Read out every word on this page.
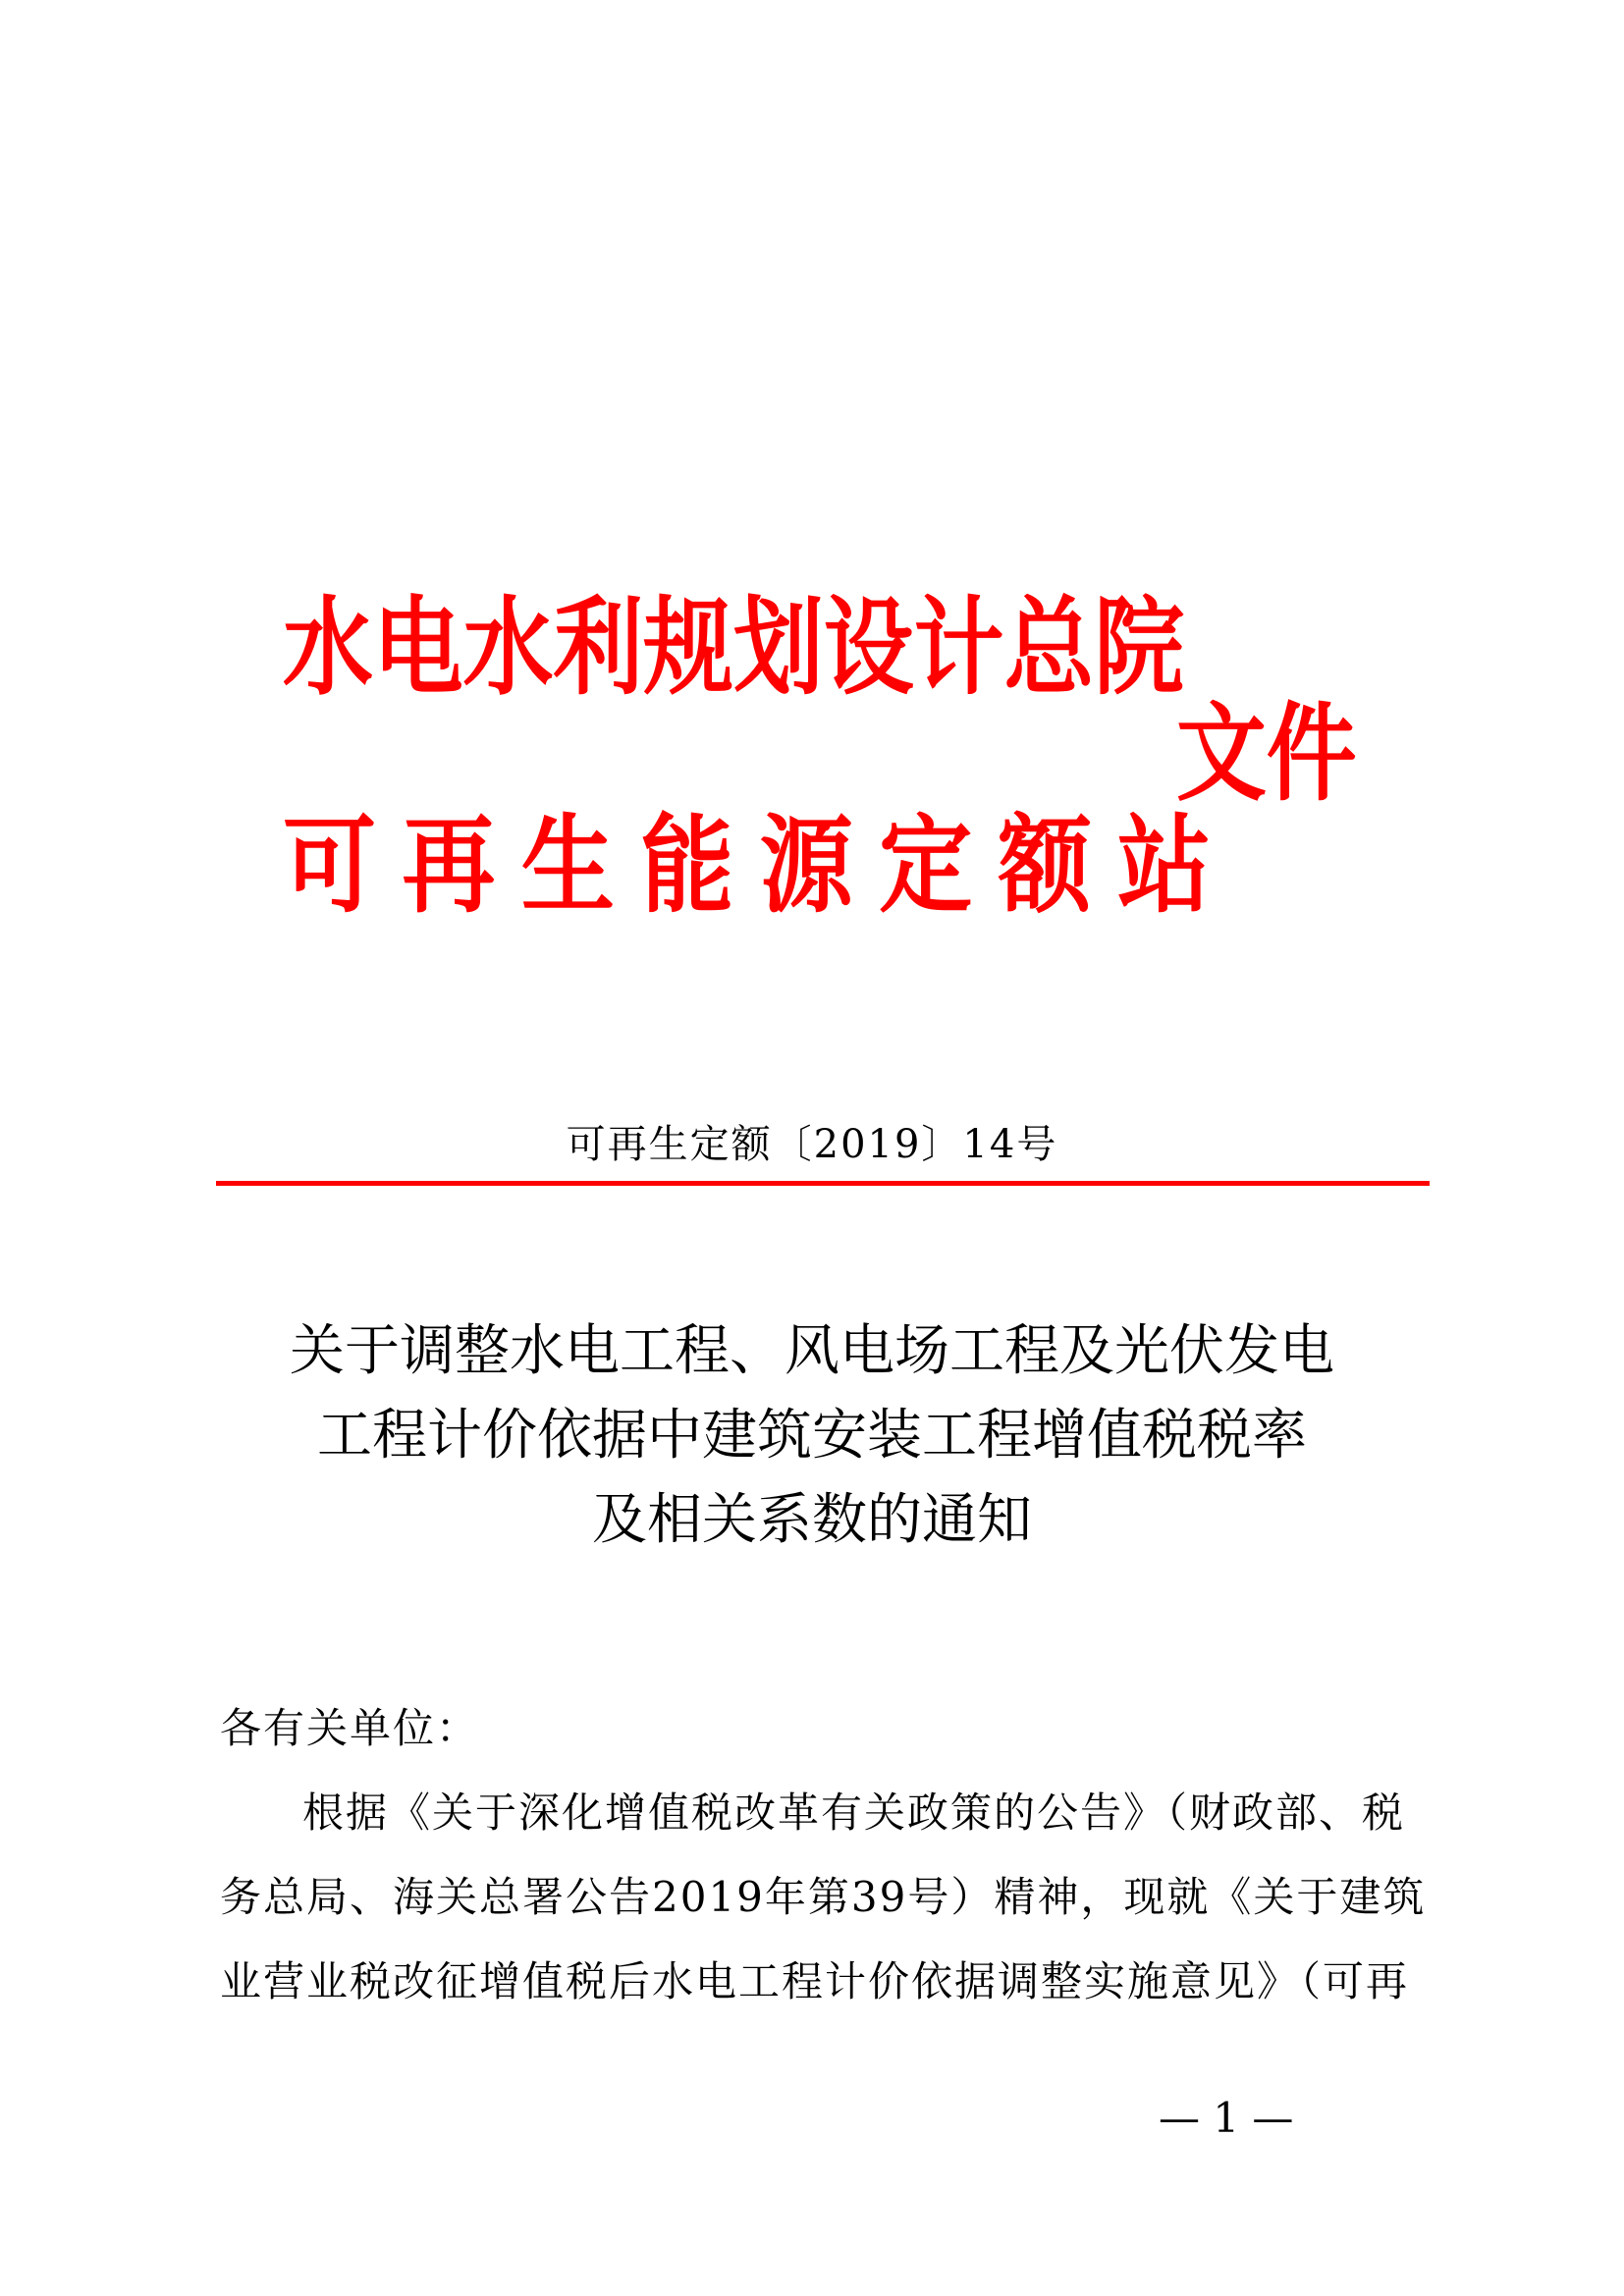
水电水利规划设计总院
可再生能源定额站
文件
可再生定额〔2019〕14号
关于调整水电工程、风电场工程及光伏发电
工程计价依据中建筑安装工程增值税税率
及相关系数的通知
各有关单位：
根据《关于深化增值税改革有关政策的公告》（财政部、税
务总局、海关总署公告2019年第39号）精神，现就《关于建筑
业营业税改征增值税后水电工程计价依据调整实施意见》（可再
— 1 —
